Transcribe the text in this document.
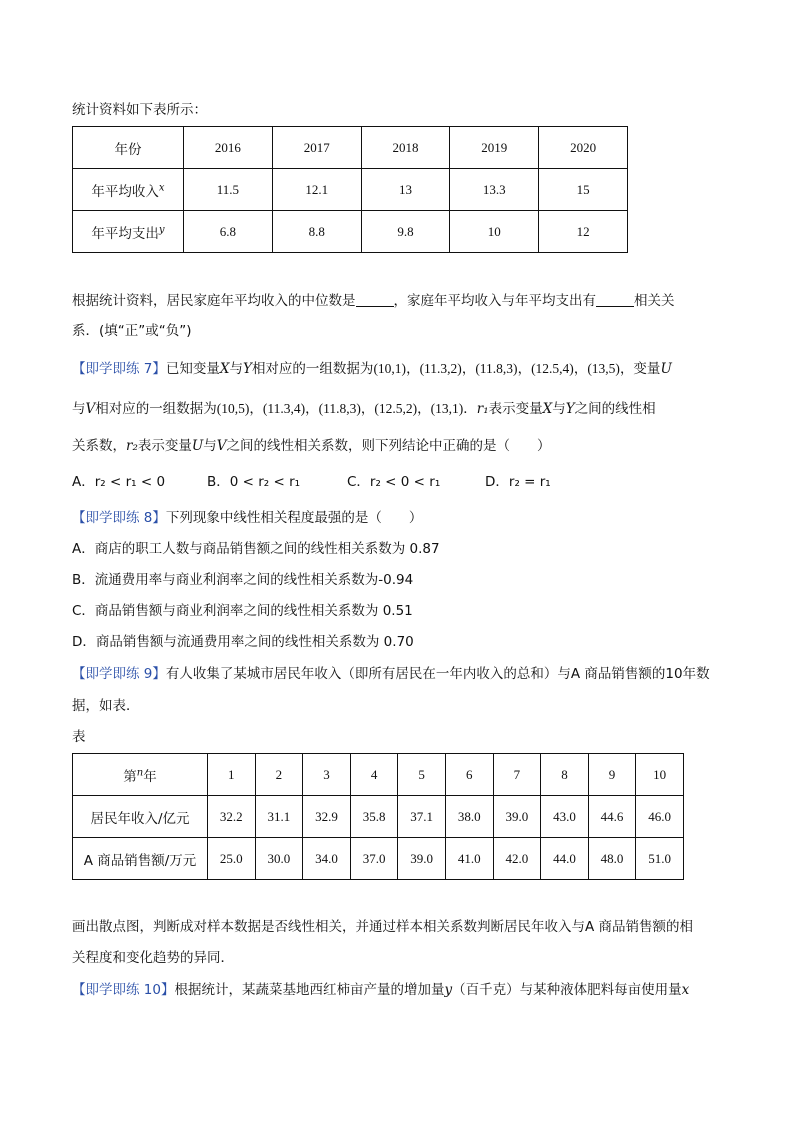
统计资料如下表所示：
年份	2016	2017	2018	2019	2020
年平均收入$^x$	11.5	12.1	13	13.3	15
年平均支出$^y$	6.8	8.8	9.8	10	12
根据统计资料，居民家庭年平均收入的中位数是	，家庭年平均收入与年平均支出有	相关关
系．(填“正”或“负”)
【即学即练 7】已知变量X与Y相对应的一组数据为(10,1)，(11.3,2)，(11.8,3)，(12.5,4)，(13,5)，变量U
与V相对应的一组数据为(10,5)，(11.3,4)，(11.8,3)，(12.5,2)，(13,1)．r₁表示变量X与Y之间的线性相
关系数，r₂表示变量U与V之间的线性相关系数，则下列结论中正确的是（　　）
A．r₂ < r₁ < 0	B．0 < r₂ < r₁	C．r₂ < 0 < r₁	D．r₂ = r₁
【即学即练 8】下列现象中线性相关程度最强的是（　　）
A．商店的职工人数与商品销售额之间的线性相关系数为 0.87
B．流通费用率与商业利润率之间的线性相关系数为-0.94
C．商品销售额与商业利润率之间的线性相关系数为 0.51
D．商品销售额与流通费用率之间的线性相关系数为 0.70
【即学即练 9】有人收集了某城市居民年收入（即所有居民在一年内收入的总和）与A 商品销售额的10年数
据，如表．
表
第$^n$年	1	2	3	4	5	6	7	8	9	10
居民年收入/亿元	32.2	31.1	32.9	35.8	37.1	38.0	39.0	43.0	44.6	46.0
A 商品销售额/万元	25.0	30.0	34.0	37.0	39.0	41.0	42.0	44.0	48.0	51.0
画出散点图，判断成对样本数据是否线性相关，并通过样本相关系数判断居民年收入与A 商品销售额的相
关程度和变化趋势的异同．
【即学即练 10】根据统计，某蔬菜基地西红柿亩产量的增加量y（百千克）与某种液体肥料每亩使用量x
